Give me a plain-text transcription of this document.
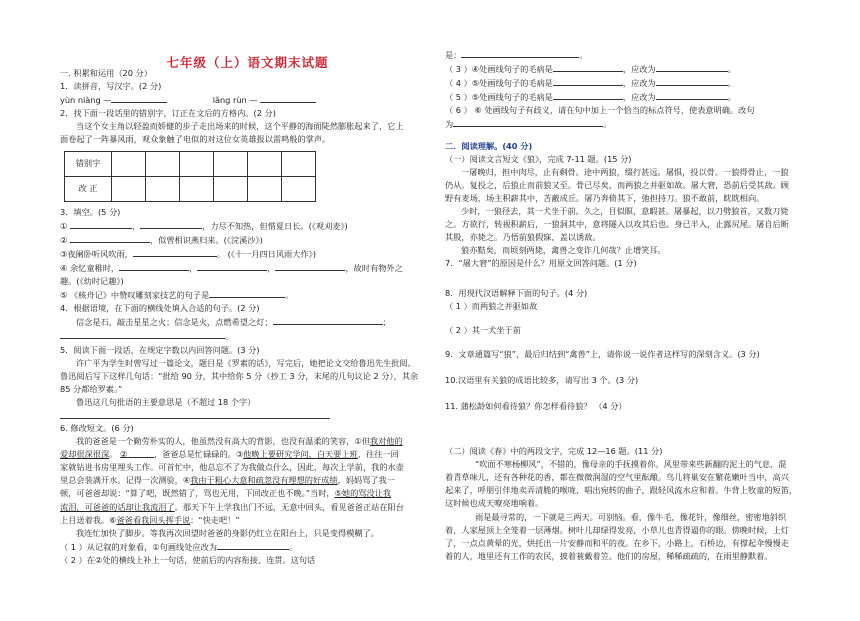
七年级（上）语文期末试题
一. 积累和运用（20 分）
1．读拼音，写汉字。(2 分)
yùn niàng —	lǎng rùn —
2．找下面一段话里的错别字，订正在文后的方格内。(2 分)
当这个女主角以轻盈而娇健的步子走出场来的时候，这个平静的海面陡然膨胀起来了，它上
面卷起了一阵暴风雨，观众象触了电似的对这位女英雄报以雷鸣般的掌声。
错别字						
改 正						
3．填空。(5 分)
①	，	，力尽不知热，但惜夏日长。(《观刈麦》)
②	，似曾相识燕归来。(《浣溪沙》)
③夜阑卧听风吹雨，	。 (《十一月四日风雨大作》)
④ 余忆童稚时，	，	，	，故时有物外之
趣。(《幼时记趣》)
⑤ 《核舟记》中赞叹雕刻家技艺的句子是	。
4．根据语境，在下面的横线处填入合适的句子。(2 分)
信念是石，敲击星星之火；信念是火，点燃希望之灯；	；
。
5．阅读下面一段话，在规定字数以内回答问题。(3 分)
许广平为学生时曾写过一篇论文，题目是《罗素的话》，写完后，她把论文交给鲁迅先生批阅。
鲁迅阅后写下这样几句话：“批给 90 分，其中给你 5 分（抄工 3 分，末尾的几句议论 2 分），其余
85 分都给罗素。”
鲁迅这几句批语的主要意思是（不超过 18 个字）
6. 修改短文。(6 分)
我的爸爸是一个勤劳朴实的人，他虽然没有高大的背影，也没有温柔的笑容，①但我对他的
爱却很深很深。 ②	，爸爸总是忙碌碌的。③他晚上要研究学问，白天要上班，往往一回
家就钻进书房里埋头工作。可首忙中，他总忘不了为我做点什么，因此，每次上学前，我的水壶
里总会装满开水。记得一次测验，④我由于粗心大意和疏忽没有理想的好成绩，妈妈骂了我一
顿，可爸爸却说：“算了吧，既然错了，骂也无用，下回改正也不晚。”当时，⑤她的骂没让我
流泪，可爸爸的话却让我流泪了。那天下午上学我出门不远，无意中回头，看见爸爸正站在阳台
上目送着我。⑥爸爸看我回头挥手说：“快走吧！”
我连忙加快了脚步。等我再次回望时爸爸的身影仍红立在阳台上，只是变得模糊了。
（ 1 ）从记叙的对象看，①句画线处应改为	。
（ 2 ）在②处的横线上补上一句话，使前后的内容衔接、连贯。这句话
是：	。
（ 3 ）④处画线句子的毛病是	，应改为	。
（ 4 ）⑤处画线句子的毛病是	，应改为	。
（ 5 ）⑤处画线句子的毛病是	，应改为	。
（ 6 ） ⑥ 处画线句子有歧义，请在句中加上一个恰当的标点符号，使表意明确。改句
为	。
二．阅读理解。(40 分)
（一）阅读文言短文《狼》，完成 7-11 题。(15 分)
一屠晚归，担中肉尽，止有剩骨。途中两狼，缀行甚远。屠惧，投以骨。一狼得骨止，一狼
仍从。复投之，后狼止而前狼又至。骨已尽矣，而两狼之并驱如故。屠大窘，恐前后受其敌。顾
野有麦场，场主积薪其中，苫蔽成丘。屠乃奔倚其下，弛担持刀。狼不敢前，眈眈相向。
少时，一狼径去，其一犬坐于前。久之，目似瞑，意暇甚。屠暴起，以刀劈狼首，又数刀毙
之。方欲行，转视积薪后，一狼洞其中，意将隧入以攻其后也。身已半入，止露尻尾。屠自后断
其股，亦毙之。乃悟前狼假寐，盖以诱敌。
狼亦黠矣，而顷刻两毙，禽兽之变诈几何哉？止增笑耳。
7．“屠大窘”的原因是什么？用原文回答问题。(1 分)
8．用现代汉语解释下面的句子。(4 分)
（ 1 ）而两狼之并驱如故
（ 2 ）其一犬坐于前
9．文章通篇写“狼”，最后归结到“禽兽”上，请你说一说作者这样写的深刻含义。(3 分)
10.汉语里有关狼的成语比较多，请写出 3 个。(3 分)
11. 蒲松龄如何看待狼？你怎样看待狼？ （4 分）
（二）阅读《春》中的两段文字，完成 12—16 题。(11 分)
“吹面不寒杨柳风”，不错的，像母亲的手抚摸着你。风里带来些新翻的泥土的气息，混
着青草味儿，还有各种花的香，都在微微润湿的空气里酝酿。鸟儿将巢安在繁花嫩叶当中，高兴
起来了，呼朋引伴地卖弄清脆的喉咙，唱出宛转的曲子，跟轻风流水应和着。牛背上牧童的短笛，
这时候也成天嘹亮地响着。
雨是最寻常的，一下就是三两天。可别恼。看，像牛毛，像花针，像细丝，密密地斜织
着，人家屋顶上全笼着一层薄烟。树叶儿却绿得发亮，小草儿也青得逼你的眼。傍晚时候，上灯
了，一点点黄晕的光，烘托出一片安静而和平的夜。在乡下，小路上，石桥边，有撑起伞慢慢走
着的人，地里还有工作的农民，披着蓑戴着笠。他们的房屋，稀稀疏疏的，在雨里静默着。
